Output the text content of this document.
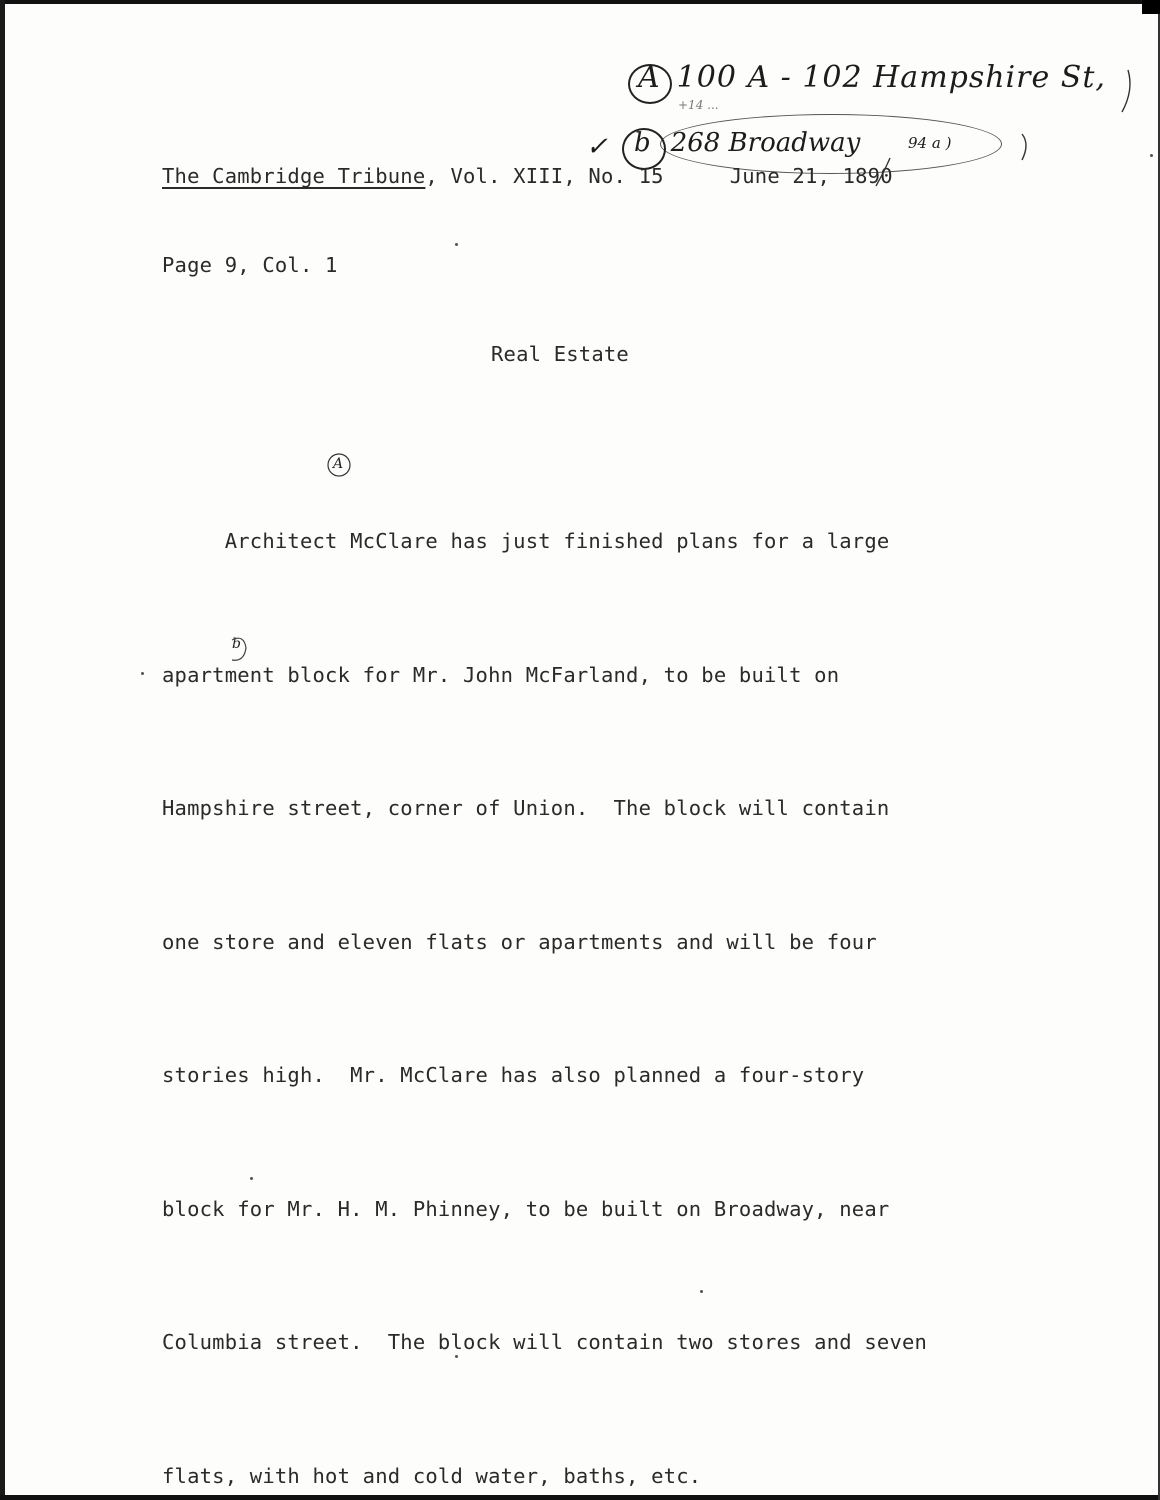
A 100 A - 102 Hampshire St,
+14 ...
✓	b 268 Broadway	94 a )
The Cambridge Tribune, Vol. XIII, No. 15	June 21, 1890
Page 9, Col. 1
Real Estate

Architect McClare has just finished plans for a large

apartment block for Mr. John McFarland, to be built on

Hampshire street, corner of Union.  The block will contain

one store and eleven flats or apartments and will be four

stories high.  Mr. McClare has also planned a four-story

block for Mr. H. M. Phinney, to be built on Broadway, near

Columbia street.  The block will contain two stores and seven

flats, with hot and cold water, baths, etc.

A
b
